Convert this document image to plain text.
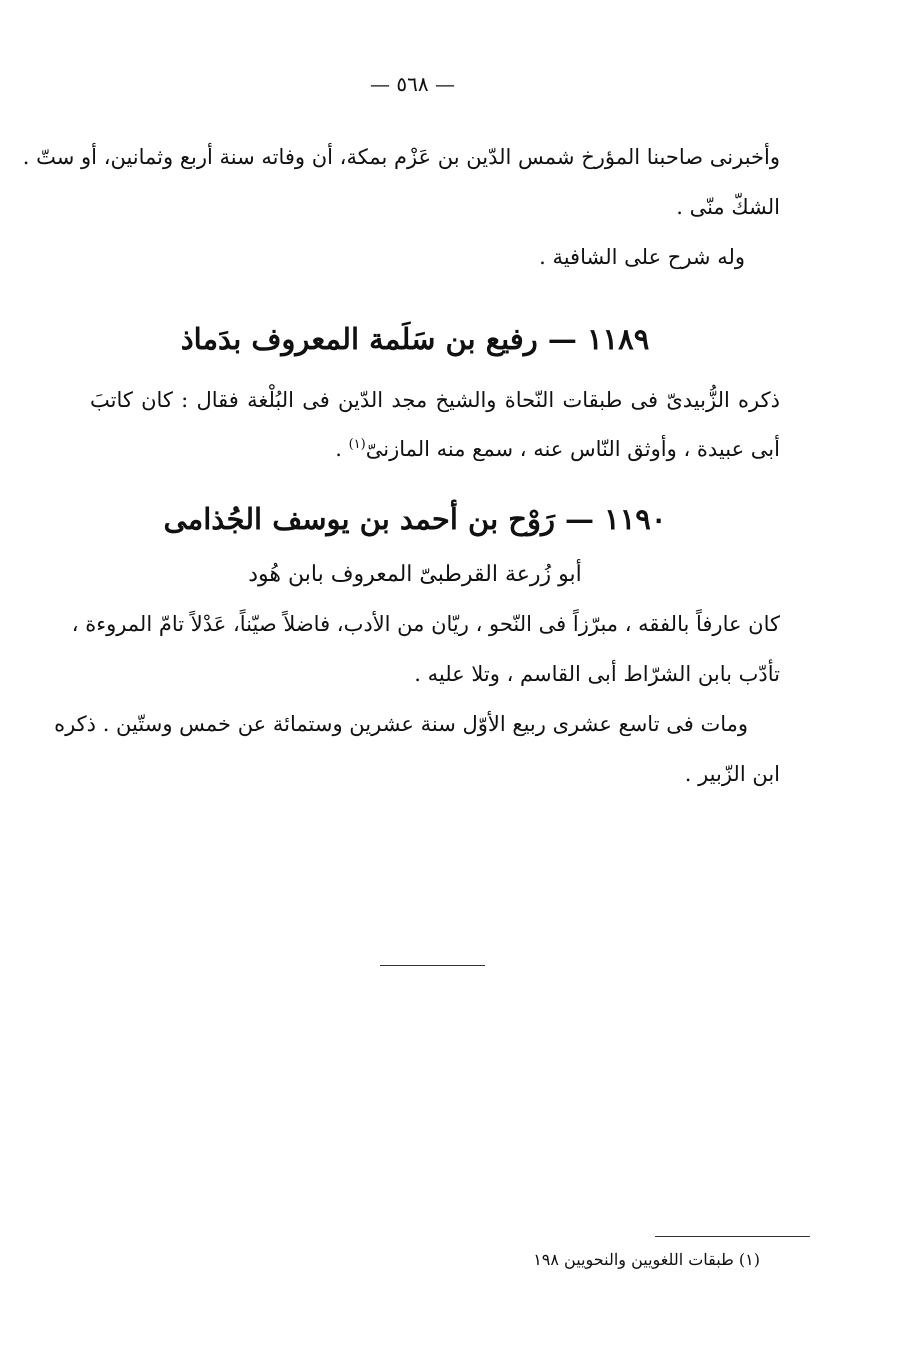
— ٥٦٨ —
وأخبرنى صاحبنا المؤرخ شمس الدّين بن عَزْم بمكة، أن وفاته سنة أربع وثمانين، أو ستّ .
الشكّ منّى .
وله شرح على الشافية .
١١٨٩ — رفيع بن سَلَمة المعروف بدَماذ
ذكره الزُّبيدىّ فى طبقات النّحاة والشيخ مجد الدّين فى البُلْغة فقال : كان كاتبَ
أبى عبيدة ، وأوثق النّاس عنه ، سمع منه المازنىّ$^{(١)}$ .
١١٩٠ — رَوْح بن أحمد بن يوسف الجُذامى
أبو زُرعة القرطبىّ المعروف بابن هُود
كان عارفاً بالفقه ، مبرّزاً فى النّحو ، ريّان من الأدب، فاضلاً صيّناً، عَدْلاً تامّ المروءة ،
تأدّب بابن الشرّاط أبى القاسم ، وتلا عليه .
ومات فى تاسع عشرى ربيع الأوّل سنة عشرين وستمائة عن خمس وستّين . ذكره
ابن الزّبير .
(١) طبقات اللغويين والنحويين ١٩٨
